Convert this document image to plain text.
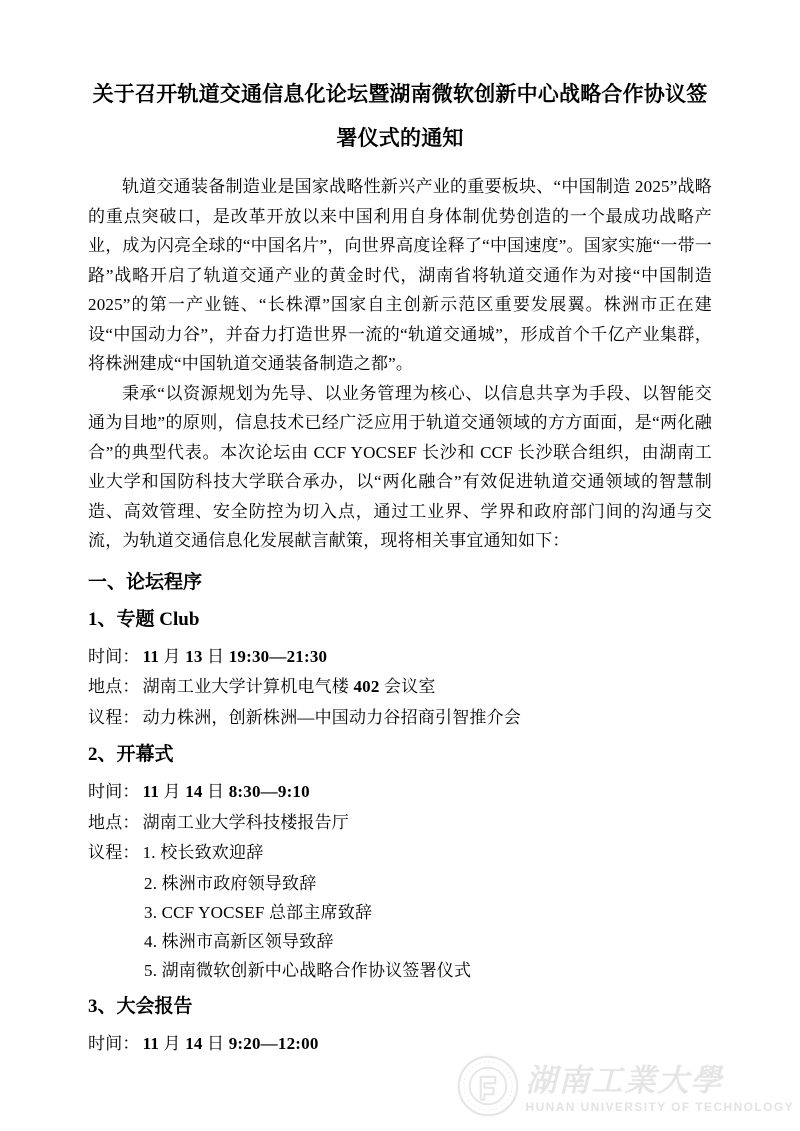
关于召开轨道交通信息化论坛暨湖南微软创新中心战略合作协议签署仪式的通知

轨道交通装备制造业是国家战略性新兴产业的重要板块、“中国制造 2025”战略的重点突破口，是改革开放以来中国利用自身体制优势创造的一个最成功战略产业，成为闪亮全球的“中国名片”，向世界高度诠释了“中国速度”。国家实施“一带一路”战略开启了轨道交通产业的黄金时代，湖南省将轨道交通作为对接“中国制造 2025”的第一产业链、“长株潭”国家自主创新示范区重要发展翼。株洲市正在建设“中国动力谷”，并奋力打造世界一流的“轨道交通城”，形成首个千亿产业集群，将株洲建成“中国轨道交通装备制造之都”。

秉承“以资源规划为先导、以业务管理为核心、以信息共享为手段、以智能交通为目地”的原则，信息技术已经广泛应用于轨道交通领域的方方面面，是“两化融合”的典型代表。本次论坛由 CCF YOCSEF 长沙和 CCF 长沙联合组织，由湖南工业大学和国防科技大学联合承办，以“两化融合”有效促进轨道交通领域的智慧制造、高效管理、安全防控为切入点，通过工业界、学界和政府部门间的沟通与交流，为轨道交通信息化发展献言献策，现将相关事宜通知如下：

一、论坛程序
1、专题 Club
时间： 11 月 13 日 19:30—21:30
地点： 湖南工业大学计算机电气楼 402 会议室
议程： 动力株洲，创新株洲—中国动力谷招商引智推介会
2、开幕式
时间： 11 月 14 日 8:30—9:10
地点： 湖南工业大学科技楼报告厅
议程： 1. 校长致欢迎辞
2. 株洲市政府领导致辞
3. CCF YOCSEF 总部主席致辞
4. 株洲市高新区领导致辞
5. 湖南微软创新中心战略合作协议签署仪式
3、大会报告
时间： 11 月 14 日 9:20—12:00
湖南工業大學
HUNAN UNIVERSITY OF TECHNOLOGY
